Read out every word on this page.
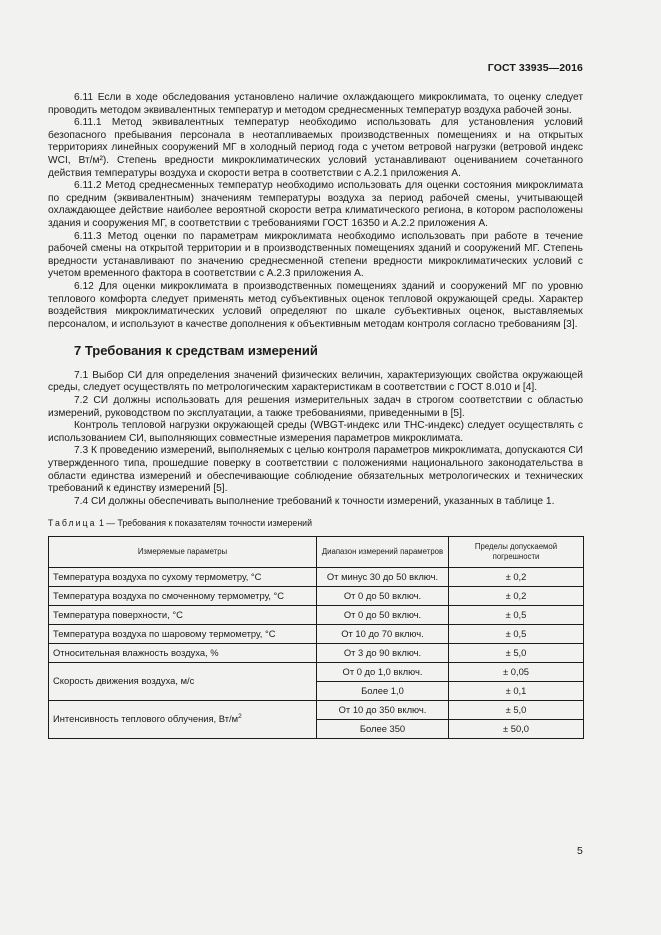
ГОСТ 33935—2016

6.11 Если в ходе обследования установлено наличие охлаждающего микроклимата, то оценку следует проводить методом эквивалентных температур и методом среднесменных температур воздуха рабочей зоны.

6.11.1 Метод эквивалентных температур необходимо использовать для установления условий безопасного пребывания персонала в неотапливаемых производственных помещениях и на открытых территориях линейных сооружений МГ в холодный период года с учетом ветровой нагрузки (ветровой индекс WCI, Вт/м²). Степень вредности микроклиматических условий устанавливают оцениванием сочетанного действия температуры воздуха и скорости ветра в соответствии с А.2.1 приложения А.

6.11.2 Метод среднесменных температур необходимо использовать для оценки состояния микроклимата по средним (эквивалентным) значениям температуры воздуха за период рабочей смены, учитывающей охлаждающее действие наиболее вероятной скорости ветра климатического региона, в котором расположены здания и сооружения МГ, в соответствии с требованиями ГОСТ 16350 и А.2.2 приложения А.

6.11.3 Метод оценки по параметрам микроклимата необходимо использовать при работе в течение рабочей смены на открытой территории и в производственных помещениях зданий и сооружений МГ. Степень вредности устанавливают по значению среднесменной степени вредности микроклиматических условий с учетом временного фактора в соответствии с А.2.3 приложения А.

6.12 Для оценки микроклимата в производственных помещениях зданий и сооружений МГ по уровню теплового комфорта следует применять метод субъективных оценок тепловой окружающей среды. Характер воздействия микроклиматических условий определяют по шкале субъективных оценок, выставляемых персоналом, и используют в качестве дополнения к объективным методам контроля согласно требованиям [3].

7 Требования к средствам измерений

7.1 Выбор СИ для определения значений физических величин, характеризующих свойства окружающей среды, следует осуществлять по метрологическим характеристикам в соответствии с ГОСТ 8.010 и [4].

7.2 СИ должны использовать для решения измерительных задач в строгом соответствии с областью измерений, руководством по эксплуатации, а также требованиями, приведенными в [5].

Контроль тепловой нагрузки окружающей среды (WBGT-индекс или THC-индекс) следует осуществлять с использованием СИ, выполняющих совместные измерения параметров микроклимата.

7.3 К проведению измерений, выполняемых с целью контроля параметров микроклимата, допускаются СИ утвержденного типа, прошедшие поверку в соответствии с положениями национального законодательства в области единства измерений и обеспечивающие соблюдение обязательных метрологических и технических требований к единству измерений [5].

7.4 СИ должны обеспечивать выполнение требований к точности измерений, указанных в таблице 1.

Таблица 1 — Требования к показателям точности измерений
Измеряемые параметры	Диапазон измерений параметров	Пределы допускаемой погрешности
Температура воздуха по сухому термометру, °С	От минус 30 до 50 включ.	± 0,2
Температура воздуха по смоченному термометру, °С	От 0 до 50 включ.	± 0,2
Температура поверхности, °С	От 0 до 50 включ.	± 0,5
Температура воздуха по шаровому термометру, °С	От 10 до 70 включ.	± 0,5
Относительная влажность воздуха, %	От 3 до 90 включ.	± 5,0
Скорость движения воздуха, м/с	От 0 до 1,0 включ.	± 0,05
	Более 1,0	± 0,1
Интенсивность теплового облучения, $Вт/м^2$	От 10 до 350 включ.	± 5,0
	Более 350	± 50,0
5
